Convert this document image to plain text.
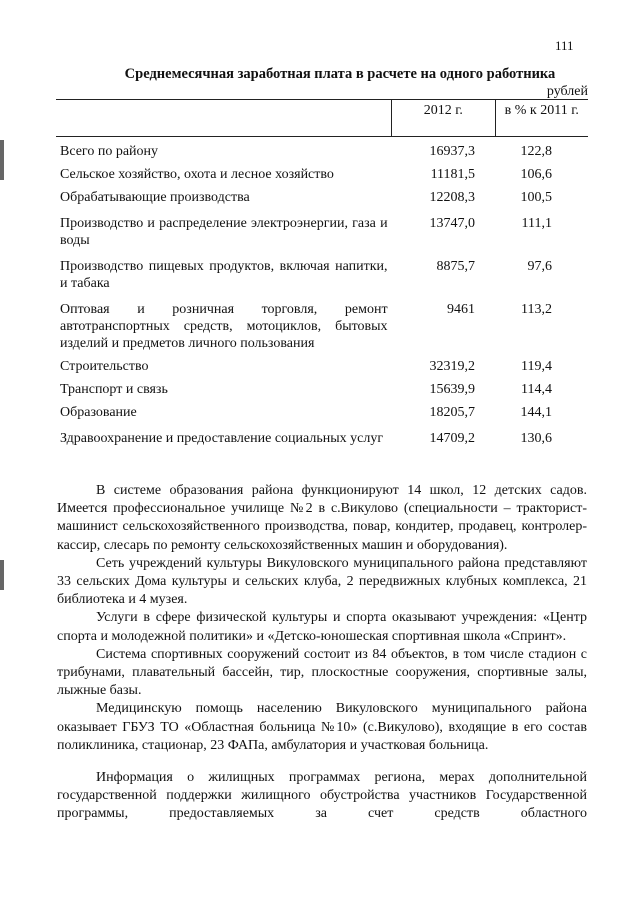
111
Среднемесячная заработная плата в расчете на одного работника
рублей
	2012 г.	в % к 2011 г.
Всего по району	16937,3	122,8
Сельское хозяйство, охота и лесное хозяйство	11181,5	106,6
Обрабатывающие производства	12208,3	100,5
Производство и распределение электроэнергии, газа и воды	13747,0	111,1
Производство пищевых продуктов, включая напитки, и табака	8875,7	97,6
Оптовая и розничная торговля, ремонт автотранспортных средств, мотоциклов, бытовых изделий и предметов личного пользования	9461	113,2
Строительство	32319,2	119,4
Транспорт и связь	15639,9	114,4
Образование	18205,7	144,1
Здравоохранение и предоставление социальных услуг	14709,2	130,6

В системе образования района функционируют 14 школ, 12 детских садов. Имеется профессиональное училище №2 в с.Викулово (специальности – тракторист-машинист сельскохозяйственного производства, повар, кондитер, продавец, контролер-кассир, слесарь по ремонту сельскохозяйственных машин и оборудования).

Сеть учреждений культуры Викуловского муниципального района представляют 33 сельских Дома культуры и сельских клуба, 2 передвижных клубных комплекса, 21 библиотека и 4 музея.

Услуги в сфере физической культуры и спорта оказывают учреждения: «Центр спорта и молодежной политики» и «Детско-юношеская спортивная школа «Спринт».

Система спортивных сооружений состоит из 84 объектов, в том числе стадион с трибунами, плавательный бассейн, тир, плоскостные сооружения, спортивные залы, лыжные базы.

Медицинскую помощь населению Викуловского муниципального района оказывает ГБУЗ ТО «Областная больница №10» (с.Викулово), входящие в его состав поликлиника, стационар, 23 ФАПа, амбулатория и участковая больница.

Информация о жилищных программах региона, мерах дополнительной государственной поддержки жилищного обустройства участников Государственной программы, предоставляемых за счет средств областного
